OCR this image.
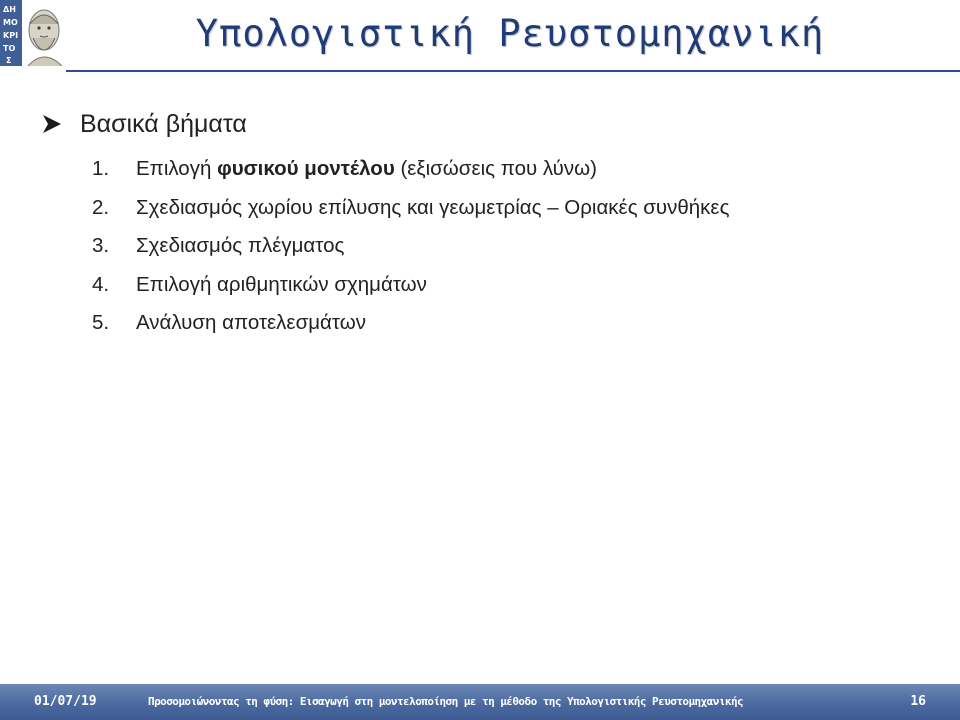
ΔΗ
ΜΟ
ΚΡΙ
ΤΟ
Σ
Υπολογιστική Ρευστομηχανική
Βασικά βήματα
1.	Επιλογή φυσικού μοντέλου (εξισώσεις που λύνω)
2.	Σχεδιασμός χωρίου επίλυσης και γεωμετρίας – Οριακές συνθήκες
3.	Σχεδιασμός πλέγματος
4.	Επιλογή αριθμητικών σχημάτων
5.	Ανάλυση αποτελεσμάτων
01/07/19	Προσομοιώνοντας τη φύση: Εισαγωγή στη μοντελοποίηση με τη μέθοδο της Υπολογιστικής Ρευστομηχανικής	16
